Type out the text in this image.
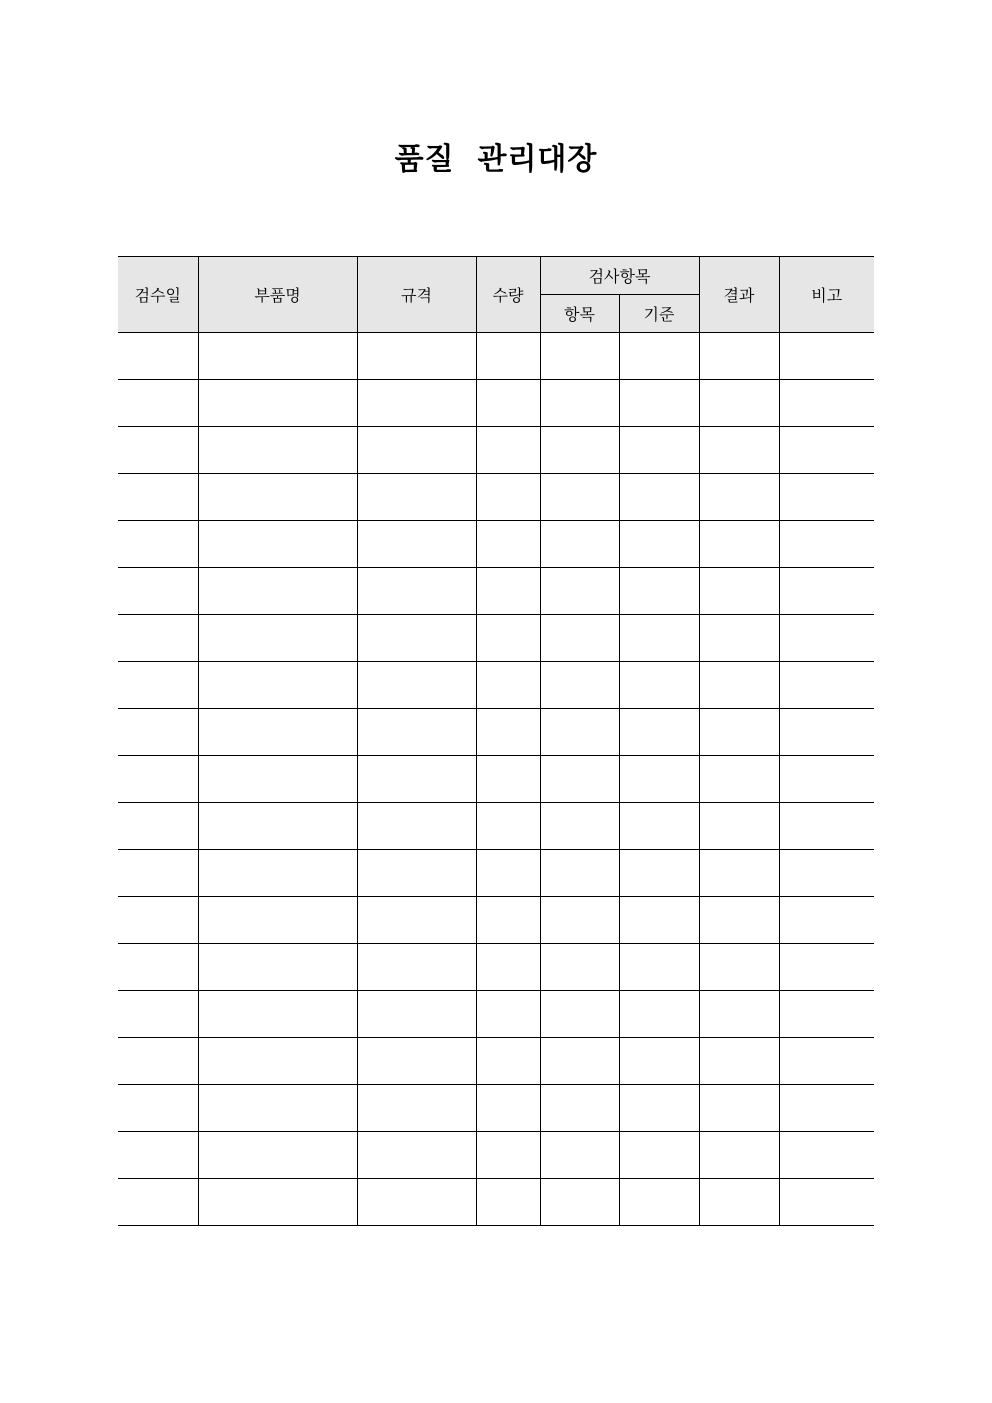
품질  관리대장
검수일	부품명	규격	수량	검사항목		결과	비고
				항목	기준		
